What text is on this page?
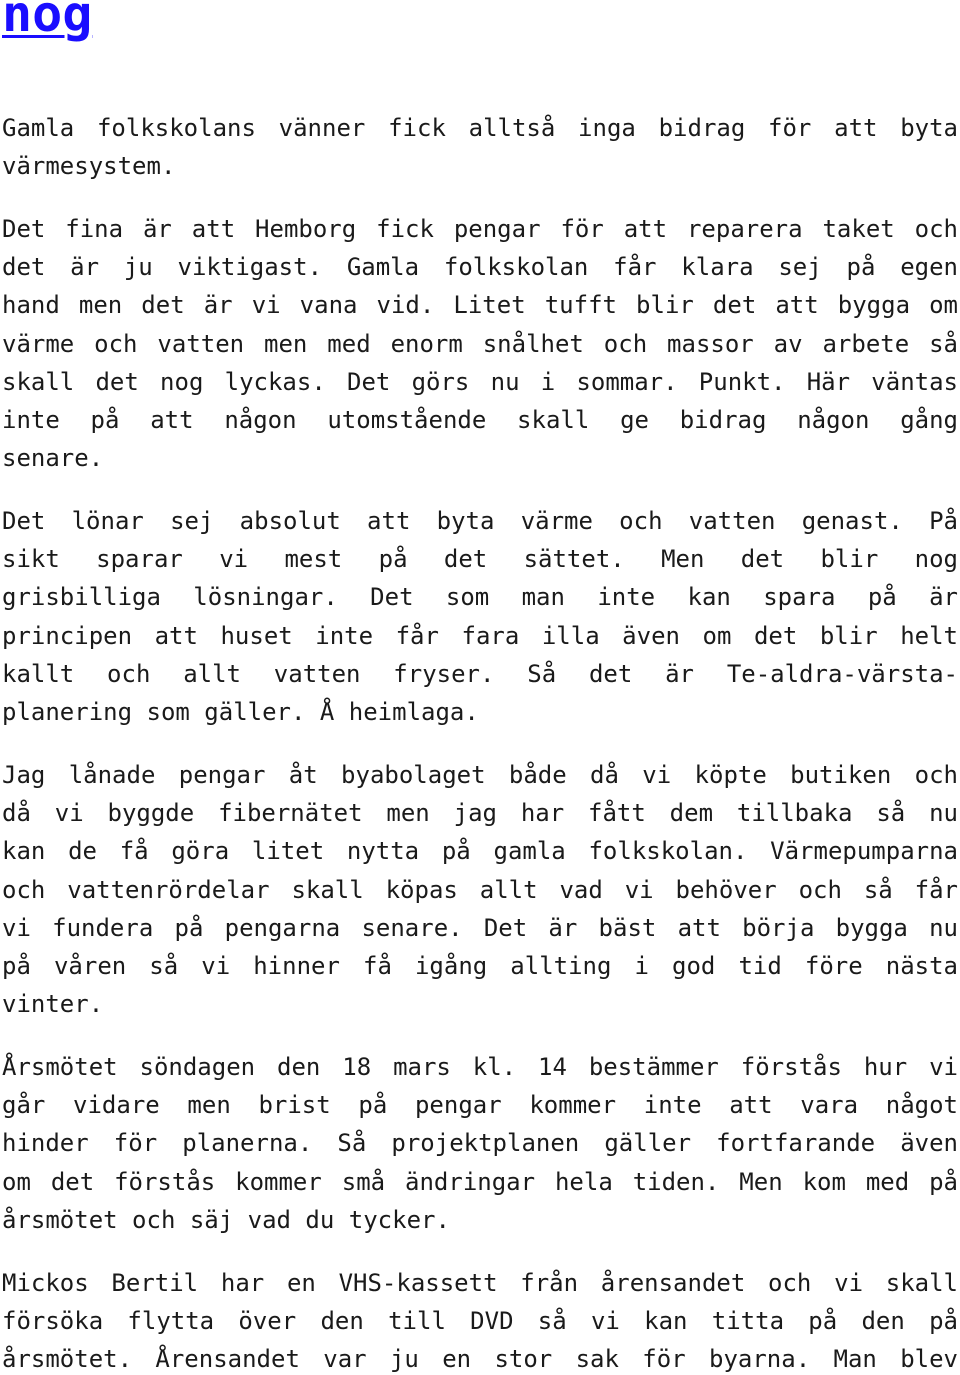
nog
Gamla folkskolans vänner fick alltså inga bidrag för att byta
värmesystem.
Det fina är att Hemborg fick pengar för att reparera taket och
det är ju viktigast. Gamla folkskolan får klara sej på egen
hand men det är vi vana vid. Litet tufft blir det att bygga om
värme och vatten men med enorm snålhet och massor av arbete så
skall det nog lyckas. Det görs nu i sommar. Punkt. Här väntas
inte på att någon utomstående skall ge bidrag någon gång
senare.
Det lönar sej absolut att byta värme och vatten genast. På
sikt sparar vi mest på det sättet. Men det blir nog
grisbilliga lösningar. Det som man inte kan spara på är
principen att huset inte får fara illa även om det blir helt
kallt och allt vatten fryser. Så det är Te-aldra-värsta-
planering som gäller. Å heimlaga.
Jag lånade pengar åt byabolaget både då vi köpte butiken och
då vi byggde fibernätet men jag har fått dem tillbaka så nu
kan de få göra litet nytta på gamla folkskolan. Värmepumparna
och vattenrördelar skall köpas allt vad vi behöver och så får
vi fundera på pengarna senare. Det är bäst att börja bygga nu
på våren så vi hinner få igång allting i god tid före nästa
vinter.
Årsmötet söndagen den 18 mars kl. 14 bestämmer förstås hur vi
går vidare men brist på pengar kommer inte att vara något
hinder för planerna. Så projektplanen gäller fortfarande även
om det förstås kommer små ändringar hela tiden. Men kom med på
årsmötet och säj vad du tycker.
Mickos Bertil har en VHS-kassett från årensandet och vi skall
försöka flytta över den till DVD så vi kan titta på den på
årsmötet. Årensandet var ju en stor sak för byarna. Man blev
